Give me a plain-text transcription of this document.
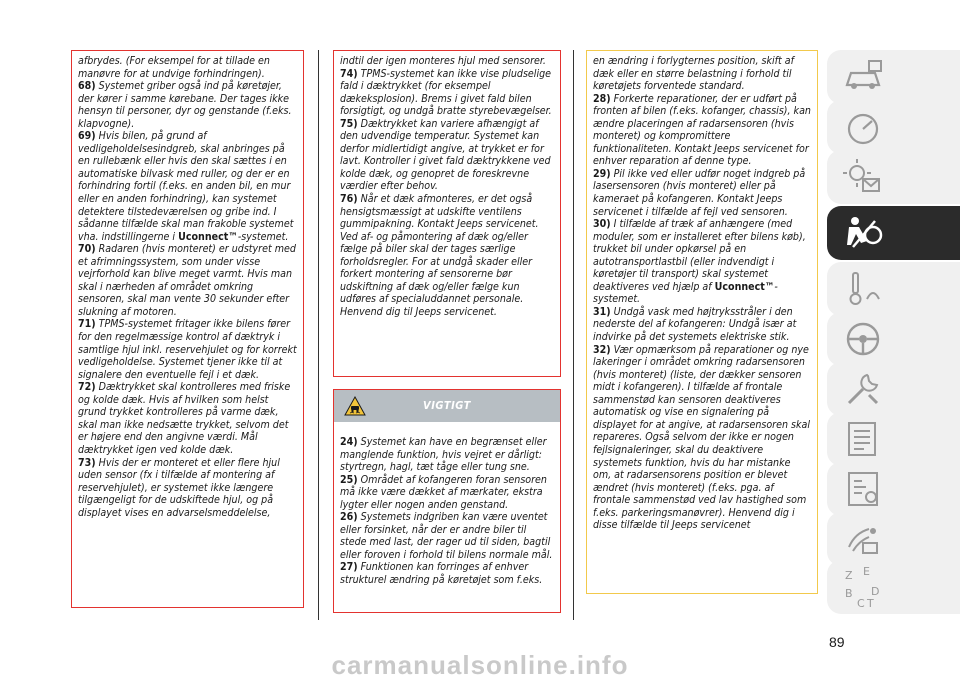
afbrydes. (For eksempel for at tillade en manøvre for at undvige forhindringen).

68) Systemet griber også ind på køretøjer, der kører i samme kørebane. Der tages ikke hensyn til personer, dyr og genstande (f.eks. klapvogne).

69) Hvis bilen, på grund af vedligeholdelsesindgreb, skal anbringes på en rullebænk eller hvis den skal sættes i en automatiske bilvask med ruller, og der er en forhindring fortil (f.eks. en anden bil, en mur eller en anden forhindring), kan systemet detektere tilstedeværelsen og gribe ind. I sådanne tilfælde skal man frakoble systemet vha. indstillingerne i Uconnect™-systemet.

70) Radaren (hvis monteret) er udstyret med et afrimningssystem, som under visse vejrforhold kan blive meget varmt. Hvis man skal i nærheden af området omkring sensoren, skal man vente 30 sekunder efter slukning af motoren.

71) TPMS-systemet fritager ikke bilens fører for den regelmæssige kontrol af dæktryk i samtlige hjul inkl. reservehjulet og for korrekt vedligeholdelse. Systemet tjener ikke til at signalere den eventuelle fejl i et dæk.

72) Dæktrykket skal kontrolleres med friske og kolde dæk. Hvis af hvilken som helst grund trykket kontrolleres på varme dæk, skal man ikke nedsætte trykket, selvom det er højere end den angivne værdi. Mål dæktrykket igen ved kolde dæk.

73) Hvis der er monteret et eller flere hjul uden sensor (fx i tilfælde af montering af reservehjulet), er systemet ikke længere tilgængeligt for de udskiftede hjul, og på displayet vises en advarselsmeddelelse,

indtil der igen monteres hjul med sensorer.

74) TPMS-systemet kan ikke vise pludselige fald i dæktrykket (for eksempel dækeksplosion). Brems i givet fald bilen forsigtigt, og undgå bratte styrebevægelser.

75) Dæktrykket kan variere afhængigt af den udvendige temperatur. Systemet kan derfor midlertidigt angive, at trykket er for lavt. Kontroller i givet fald dæktrykkene ved kolde dæk, og genopret de foreskrevne værdier efter behov.

76) Når et dæk afmonteres, er det også hensigtsmæssigt at udskifte ventilens gummipakning. Kontakt Jeeps servicenet. Ved af- og påmontering af dæk og/eller fælge på biler skal der tages særlige forholdsregler. For at undgå skader eller forkert montering af sensorerne bør udskiftning af dæk og/eller fælge kun udføres af specialuddannet personale. Henvend dig til Jeeps servicenet.

VIGTIGT

24) Systemet kan have en begrænset eller manglende funktion, hvis vejret er dårligt: styrtregn, hagl, tæt tåge eller tung sne.

25) Området af kofangeren foran sensoren må ikke være dækket af mærkater, ekstra lygter eller nogen anden genstand.

26) Systemets indgriben kan være uventet eller forsinket, når der er andre biler til stede med last, der rager ud til siden, bagtil eller foroven i forhold til bilens normale mål.

27) Funktionen kan forringes af enhver strukturel ændring på køretøjet som f.eks.

en ændring i forlygternes position, skift af dæk eller en større belastning i forhold til køretøjets forventede standard.

28) Forkerte reparationer, der er udført på fronten af bilen (f.eks. kofanger, chassis), kan ændre placeringen af radarsensoren (hvis monteret) og kompromittere funktionaliteten. Kontakt Jeeps servicenet for enhver reparation af denne type.

29) Pil ikke ved eller udfør noget indgreb på lasersensoren (hvis monteret) eller på kameraet på kofangeren. Kontakt Jeeps servicenet i tilfælde af fejl ved sensoren.

30) I tilfælde af træk af anhængere (med moduler, som er installeret efter bilens køb), trukket bil under opkørsel på en autotransportlastbil (eller indvendigt i køretøjer til transport) skal systemet deaktiveres ved hjælp af Uconnect™-systemet.

31) Undgå vask med højtryksstråler i den nederste del af kofangeren: Undgå især at indvirke på det systemets elektriske stik.

32) Vær opmærksom på reparationer og nye lakeringer i området omkring radarsensoren (hvis monteret) (liste, der dækker sensoren midt i kofangeren). I tilfælde af frontale sammenstød kan sensoren deaktiveres automatisk og vise en signalering på displayet for at angive, at radarsensoren skal repareres. Også selvom der ikke er nogen fejlsignaleringer, skal du deaktivere systemets funktion, hvis du har mistanke om, at radarsensorens position er blevet ændret (hvis monteret) (f.eks. pga. af frontale sammenstød ved lav hastighed som f.eks. parkeringsmanøvrer). Henvend dig i disse tilfælde til Jeeps servicenet

Z E
B
C
D
T
89
carmanualsonline.info
